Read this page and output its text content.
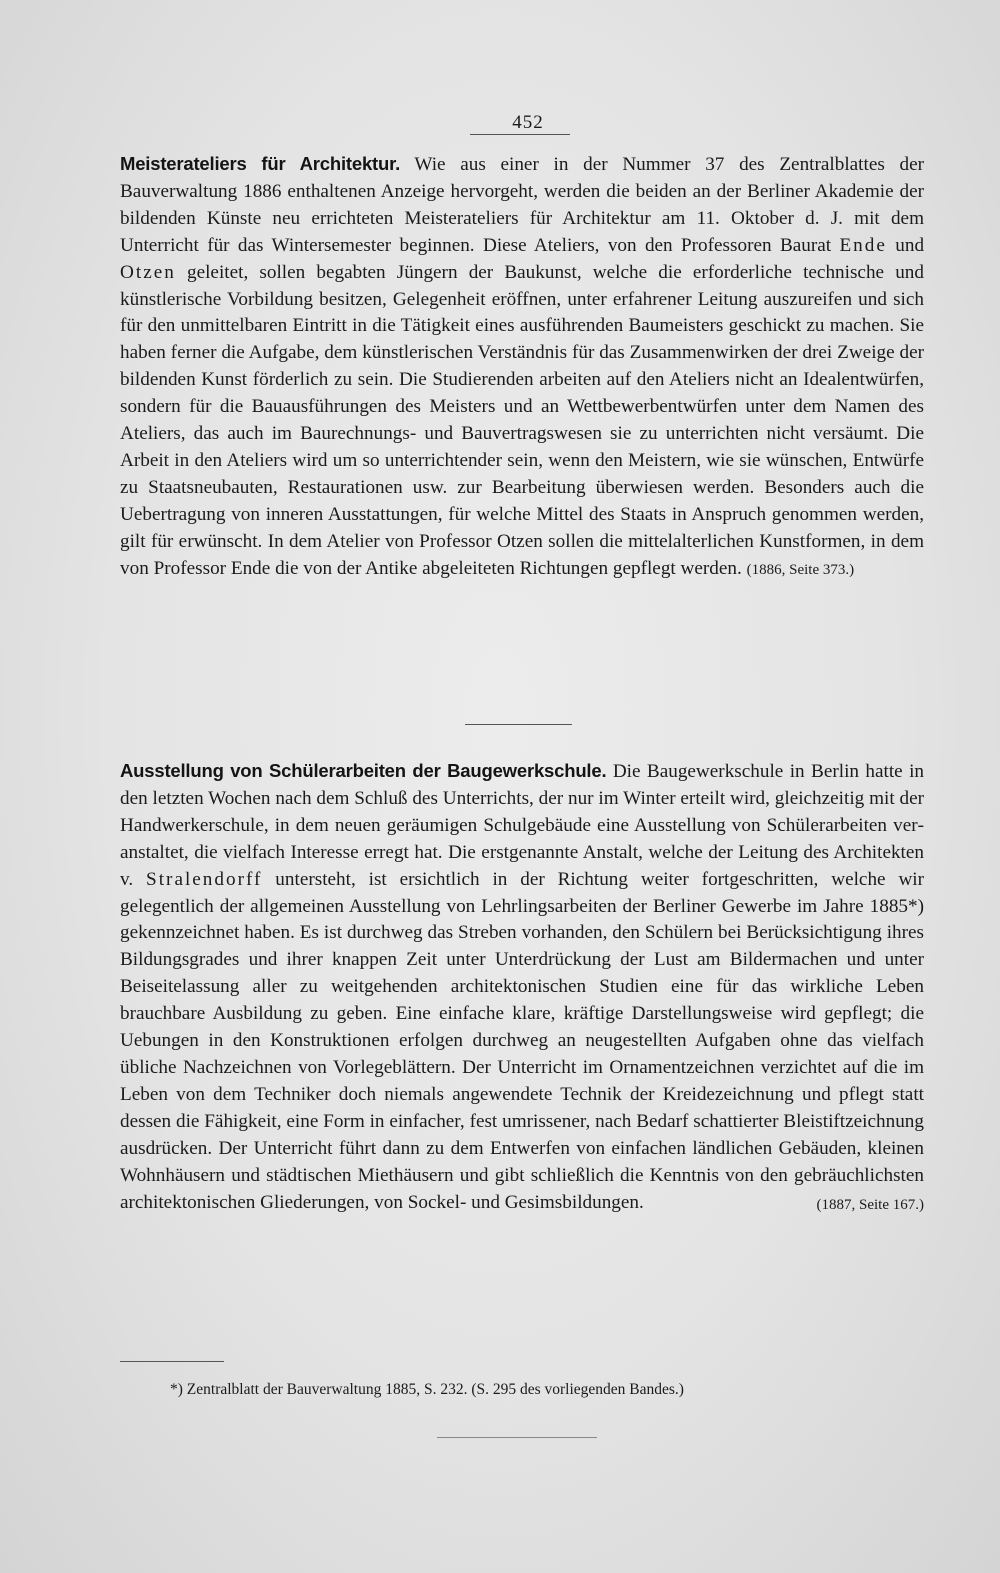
452
Meisterateliers für Architektur. Wie aus einer in der Nummer 37 des Zentralblattes der Bauverwaltung 1886 enthaltenen Anzeige hervorgeht, werden die beiden an der Berliner Akademie der bildenden Künste neu errichteten Meisterateliers für Architektur am 11. Oktober d. J. mit dem Unterricht für das Wintersemester beginnen. Diese Ateliers, von den Professoren Baurat Ende und Otzen geleitet, sollen begabten Jüngern der Baukunst, welche die erforderliche technische und künstlerische Vorbildung besitzen, Gelegenheit eröffnen, unter erfahrener Leitung auszureifen und sich für den unmittelbaren Eintritt in die Tätigkeit eines ausführenden Baumeisters geschickt zu machen. Sie haben ferner die Aufgabe, dem künstlerischen Verständnis für das Zusammenwirken der drei Zweige der bildenden Kunst förderlich zu sein. Die Studierenden arbeiten auf den Ateliers nicht an Idealentwürfen, sondern für die Bauausführungen des Meisters und an Wettbewerbentwürfen unter dem Namen des Ateliers, das auch im Baurechnungs- und Bauvertragswesen sie zu unterrichten nicht versäumt. Die Arbeit in den Ateliers wird um so unterrichtender sein, wenn den Meistern, wie sie wünschen, Entwürfe zu Staatsneubauten, Restaurationen usw. zur Bearbeitung überwiesen werden. Besonders auch die Uebertragung von inneren Ausstattungen, für welche Mittel des Staats in Anspruch genommen werden, gilt für erwünscht. In dem Atelier von Professor Otzen sollen die mittelalterlichen Kunstformen, in dem von Professor Ende die von der Antike abgeleiteten Richtungen gepflegt werden. (1886, Seite 373.)
Ausstellung von Schülerarbeiten der Baugewerkschule. Die Baugewerkschule in Berlin hatte in den letzten Wochen nach dem Schluß des Unterrichts, der nur im Winter erteilt wird, gleichzeitig mit der Handwerkerschule, in dem neuen geräumigen Schulgebäude eine Ausstellung von Schülerarbeiten veranstaltet, die vielfach Interesse erregt hat. Die erstgenannte Anstalt, welche der Leitung des Architekten v. Stralendorff untersteht, ist ersichtlich in der Richtung weiter fortgeschritten, welche wir gelegentlich der allgemeinen Ausstellung von Lehrlingsarbeiten der Berliner Gewerbe im Jahre 1885*) gekennzeichnet haben. Es ist durchweg das Streben vorhanden, den Schülern bei Berücksichtigung ihres Bildungsgrades und ihrer knappen Zeit unter Unterdrückung der Lust am Bildermachen und unter Beiseitelassung aller zu weitgehenden architektonischen Studien eine für das wirkliche Leben brauchbare Ausbildung zu geben. Eine einfache klare, kräftige Darstellungsweise wird gepflegt; die Uebungen in den Konstruktionen erfolgen durchweg an neugestellten Aufgaben ohne das vielfach übliche Nachzeichnen von Vorlegeblättern. Der Unterricht im Ornamentzeichnen verzichtet auf die im Leben von dem Techniker doch niemals angewendete Technik der Kreidezeichnung und pflegt statt dessen die Fähigkeit, eine Form in einfacher, fest umrissener, nach Bedarf schattierter Bleistiftzeichnung ausdrücken. Der Unterricht führt dann zu dem Entwerfen von einfachen ländlichen Gebäuden, kleinen Wohnhäusern und städtischen Miethäusern und gibt schließlich die Kenntnis von den gebräuchlichsten architektonischen Gliederungen, von Sockel- und Gesimsbildungen.	(1887, Seite 167.)
*) Zentralblatt der Bauverwaltung 1885, S. 232. (S. 295 des vorliegenden Bandes.)
